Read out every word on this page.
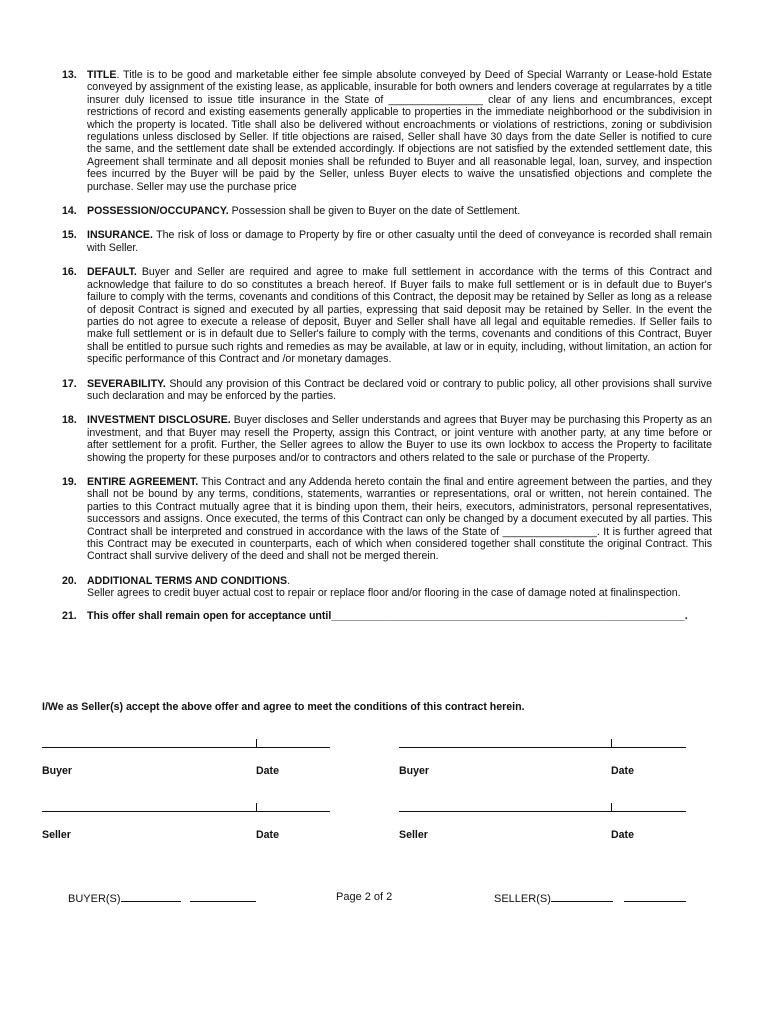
13. TITLE. Title is to be good and marketable either fee simple absolute conveyed by Deed of Special Warranty or Lease-hold Estate conveyed by assignment of the existing lease, as applicable, insurable for both owners and lenders coverage at regularrates by a title insurer duly licensed to issue title insurance in the State of ________________ clear of any liens and encumbrances, except restrictions of record and existing easements generally applicable to properties in the immediate neighborhood or the subdivision in which the property is located. Title shall also be delivered without encroachments or violations of restrictions, zoning or subdivision regulations unless disclosed by Seller. If title objections are raised, Seller shall have 30 days from the date Seller is notified to cure the same, and the settlement date shall be extended accordingly. If objections are not satisfied by the extended settlement date, this Agreement shall terminate and all deposit monies shall be refunded to Buyer and all reasonable legal, loan, survey, and inspection fees incurred by the Buyer will be paid by the Seller, unless Buyer elects to waive the unsatisfied objections and complete the purchase. Seller may use the purchase price
14. POSSESSION/OCCUPANCY. Possession shall be given to Buyer on the date of Settlement.
15. INSURANCE. The risk of loss or damage to Property by fire or other casualty until the deed of conveyance is recorded shall remain with Seller.
16. DEFAULT. Buyer and Seller are required and agree to make full settlement in accordance with the terms of this Contract and acknowledge that failure to do so constitutes a breach hereof. If Buyer fails to make full settlement or is in default due to Buyer's failure to comply with the terms, covenants and conditions of this Contract, the deposit may be retained by Seller as long as a release of deposit Contract is signed and executed by all parties, expressing that said deposit may be retained by Seller. In the event the parties do not agree to execute a release of deposit, Buyer and Seller shall have all legal and equitable remedies. If Seller fails to make full settlement or is in default due to Seller's failure to comply with the terms, covenants and conditions of this Contract, Buyer shall be entitled to pursue such rights and remedies as may be available, at law or in equity, including, without limitation, an action for specific performance of this Contract and /or monetary damages.
17. SEVERABILITY. Should any provision of this Contract be declared void or contrary to public policy, all other provisions shall survive such declaration and may be enforced by the parties.
18. INVESTMENT DISCLOSURE. Buyer discloses and Seller understands and agrees that Buyer may be purchasing this Property as an investment, and that Buyer may resell the Property, assign this Contract, or joint venture with another party, at any time before or after settlement for a profit. Further, the Seller agrees to allow the Buyer to use its own lockbox to access the Property to facilitate showing the property for these purposes and/or to contractors and others related to the sale or purchase of the Property.
19. ENTIRE AGREEMENT. This Contract and any Addenda hereto contain the final and entire agreement between the parties, and they shall not be bound by any terms, conditions, statements, warranties or representations, oral or written, not herein contained. The parties to this Contract mutually agree that it is binding upon them, their heirs, executors, administrators, personal representatives, successors and assigns. Once executed, the terms of this Contract can only be changed by a document executed by all parties. This Contract shall be interpreted and construed in accordance with the laws of the State of ________________. It is further agreed that this Contract may be executed in counterparts, each of which when considered together shall constitute the original Contract. This Contract shall survive delivery of the deed and shall not be merged therein.
20. ADDITIONAL TERMS AND CONDITIONS.
Seller agrees to credit buyer actual cost to repair or replace floor and/or flooring in the case of damage noted at finalinspection.
21. This offer shall remain open for acceptance until____________________________________________________________.
I/We as Seller(s) accept the above offer and agree to meet the conditions of this contract herein.
Buyer	Date	Buyer	Date
Seller	Date	Seller	Date
BUYER(S)	Page 2 of 2	SELLER(S)
